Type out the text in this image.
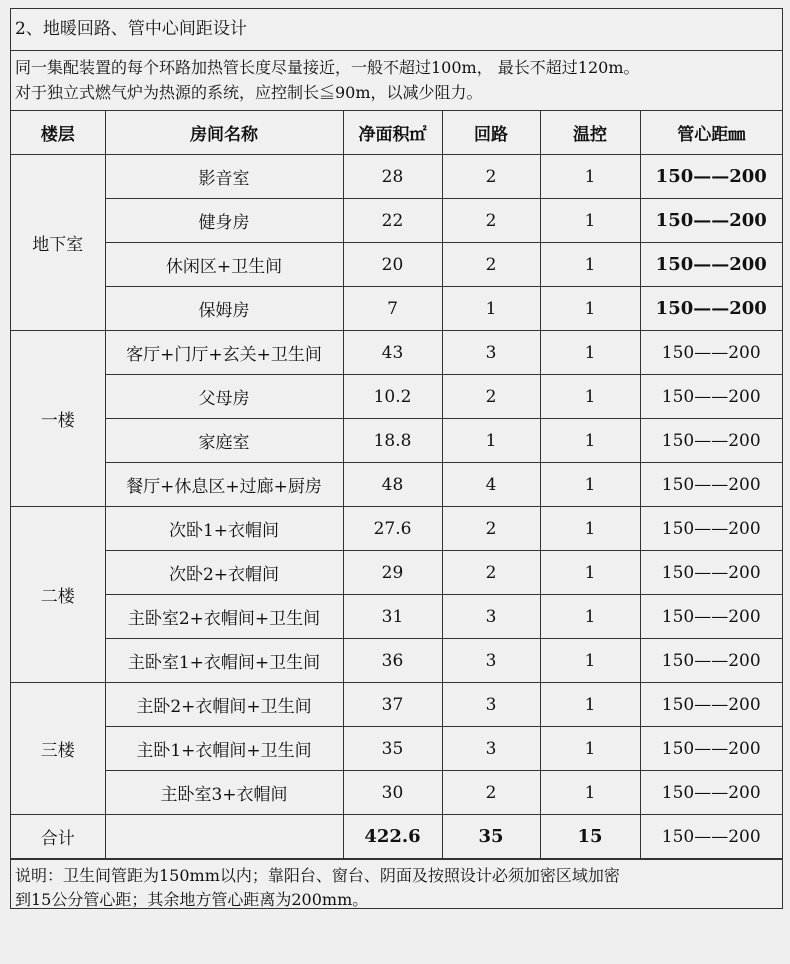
2、地暖回路、管中心间距设计
同一集配装置的每个环路加热管长度尽量接近，一般不超过100m， 最长不超过120m。
对于独立式燃气炉为热源的系统，应控制长≦90m，以减少阻力。
楼层	房间名称	净面积㎡	回路	温控	管心距㎜
地下室	影音室	28	2	1	150——200
	健身房	22	2	1	150——200
	休闲区+卫生间	20	2	1	150——200
	保姆房	7	1	1	150——200
一楼	客厅+门厅+玄关+卫生间	43	3	1	150——200
	父母房	10.2	2	1	150——200
	家庭室	18.8	1	1	150——200
	餐厅+休息区+过廊+厨房	48	4	1	150——200
二楼	次卧1+衣帽间	27.6	2	1	150——200
	次卧2+衣帽间	29	2	1	150——200
	主卧室2+衣帽间+卫生间	31	3	1	150——200
	主卧室1+衣帽间+卫生间	36	3	1	150——200
三楼	主卧2+衣帽间+卫生间	37	3	1	150——200
	主卧1+衣帽间+卫生间	35	3	1	150——200
	主卧室3+衣帽间	30	2	1	150——200
合计		422.6	35	15	150——200
说明：卫生间管距为150mm以内；靠阳台、窗台、阴面及按照设计必须加密区域加密
到15公分管心距；其余地方管心距离为200mm。
